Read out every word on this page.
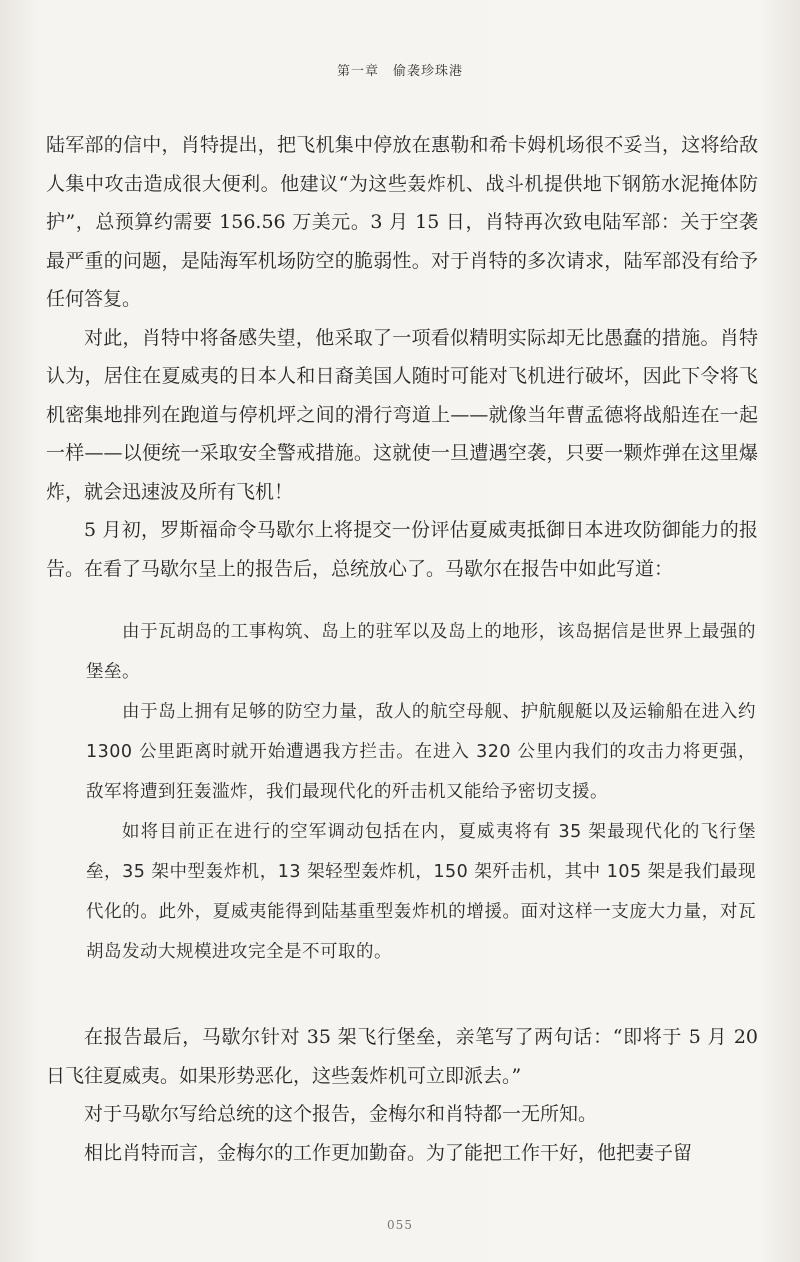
第一章　偷袭珍珠港

陆军部的信中，肖特提出，把飞机集中停放在惠勒和希卡姆机场很不妥当，这将给敌人集中攻击造成很大便利。他建议“为这些轰炸机、战斗机提供地下钢筋水泥掩体防护”，总预算约需要 156.56 万美元。3 月 15 日，肖特再次致电陆军部：关于空袭最严重的问题，是陆海军机场防空的脆弱性。对于肖特的多次请求，陆军部没有给予任何答复。

对此，肖特中将备感失望，他采取了一项看似精明实际却无比愚蠢的措施。肖特认为，居住在夏威夷的日本人和日裔美国人随时可能对飞机进行破坏，因此下令将飞机密集地排列在跑道与停机坪之间的滑行弯道上——就像当年曹孟德将战船连在一起一样——以便统一采取安全警戒措施。这就使一旦遭遇空袭，只要一颗炸弹在这里爆炸，就会迅速波及所有飞机！

5 月初，罗斯福命令马歇尔上将提交一份评估夏威夷抵御日本进攻防御能力的报告。在看了马歇尔呈上的报告后，总统放心了。马歇尔在报告中如此写道：

由于瓦胡岛的工事构筑、岛上的驻军以及岛上的地形，该岛据信是世界上最强的堡垒。

由于岛上拥有足够的防空力量，敌人的航空母舰、护航舰艇以及运输船在进入约 1300 公里距离时就开始遭遇我方拦击。在进入 320 公里内我们的攻击力将更强，敌军将遭到狂轰滥炸，我们最现代化的歼击机又能给予密切支援。

如将目前正在进行的空军调动包括在内，夏威夷将有 35 架最现代化的飞行堡垒，35 架中型轰炸机，13 架轻型轰炸机，150 架歼击机，其中 105 架是我们最现代化的。此外，夏威夷能得到陆基重型轰炸机的增援。面对这样一支庞大力量，对瓦胡岛发动大规模进攻完全是不可取的。

在报告最后，马歇尔针对 35 架飞行堡垒，亲笔写了两句话：“即将于 5 月 20 日飞往夏威夷。如果形势恶化，这些轰炸机可立即派去。”

对于马歇尔写给总统的这个报告，金梅尔和肖特都一无所知。

相比肖特而言，金梅尔的工作更加勤奋。为了能把工作干好，他把妻子留

055
